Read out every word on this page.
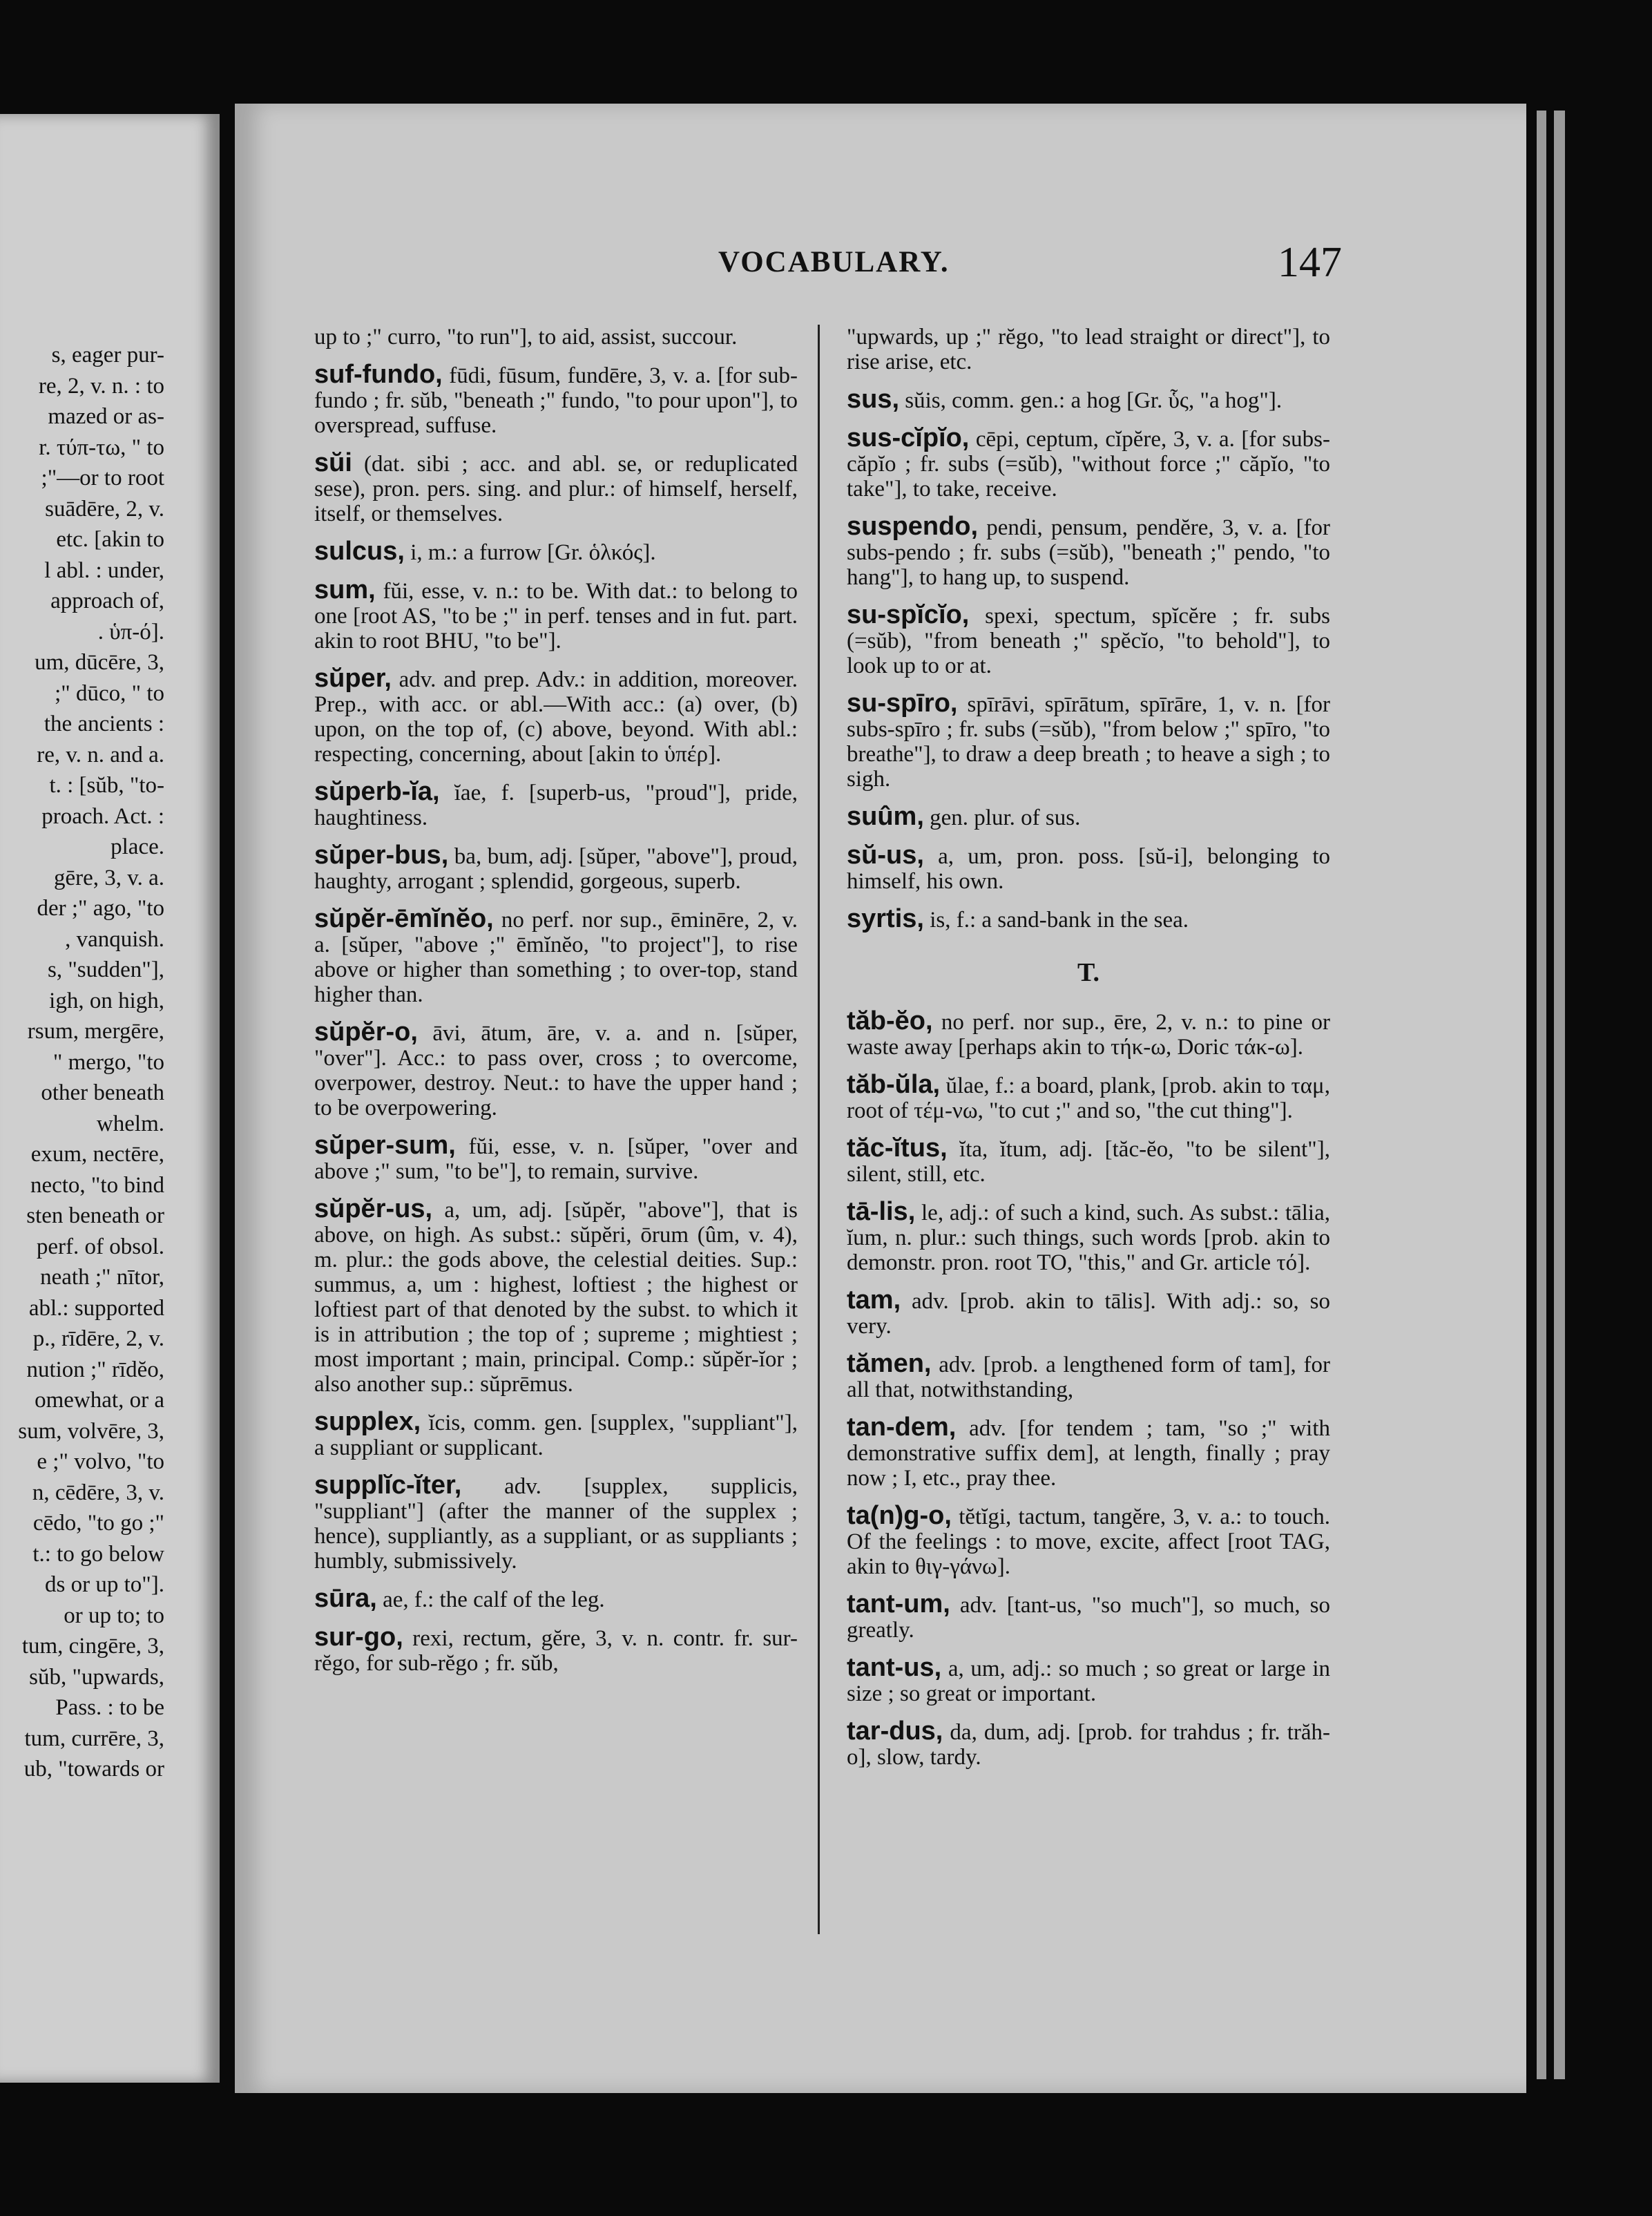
s, eager pur-
re, 2, v. n. : to
mazed or as-
r. τύπ-τω, " to
;"—or to root
suādēre, 2, v.
etc. [akin to
l abl. : under,
approach of,
. ὑπ-ό].
um, dūcēre, 3,
;" dūco, " to
the ancients :
re, v. n. and a.
t. : [sŭb, "to-
proach. Act. :
place.
gēre, 3, v. a.
der ;" ago, "to
, vanquish.
s, "sudden"],
igh, on high,
rsum, mergēre,
" mergo, "to
other beneath
whelm.
exum, nectēre,
necto, "to bind
sten beneath or
perf. of obsol.
neath ;" nītor,
abl.: supported
p., rīdēre, 2, v.
nution ;" rīdĕo,
omewhat, or a
sum, volvēre, 3,
e ;" volvo, "to
n, cēdēre, 3, v.
cēdo, "to go ;"
t.: to go below
ds or up to"].
or up to; to
tum, cingēre, 3,
sŭb, "upwards,
Pass. : to be
tum, currēre, 3,
ub, "towards or
VOCABULARY.	147
up to ;" curro, "to run"], to aid, assist, succour.
suf-fundo, fūdi, fūsum, fundēre, 3, v. a. [for sub-fundo ; fr. sŭb, "beneath ;" fundo, "to pour upon"], to overspread, suffuse.
sŭi (dat. sibi ; acc. and abl. se, or reduplicated sese), pron. pers. sing. and plur.: of himself, herself, itself, or themselves.
sulcus, i, m.: a furrow [Gr. ὁλκός].
sum, fŭi, esse, v. n.: to be. With dat.: to belong to one [root AS, "to be ;" in perf. tenses and in fut. part. akin to root BHU, "to be"].
sŭper, adv. and prep. Adv.: in addition, moreover. Prep., with acc. or abl.—With acc.: (a) over, (b) upon, on the top of, (c) above, beyond. With abl.: respecting, concerning, about [akin to ὑπέρ].
sŭperb-ĭa, ĭae, f. [superb-us, "proud"], pride, haughtiness.
sŭper-bus, ba, bum, adj. [sŭper, "above"], proud, haughty, arrogant ; splendid, gorgeous, superb.
sŭpĕr-ēmĭnĕo, no perf. nor sup., ēminēre, 2, v. a. [sŭper, "above ;" ēmĭnĕo, "to project"], to rise above or higher than something ; to over-top, stand higher than.
sŭpĕr-o, āvi, ātum, āre, v. a. and n. [sŭper, "over"]. Acc.: to pass over, cross ; to overcome, overpower, destroy. Neut.: to have the upper hand ; to be overpowering.
sŭper-sum, fŭi, esse, v. n. [sŭper, "over and above ;" sum, "to be"], to remain, survive.
sŭpĕr-us, a, um, adj. [sŭpĕr, "above"], that is above, on high. As subst.: sŭpĕri, ōrum (ûm, v. 4), m. plur.: the gods above, the celestial deities. Sup.: summus, a, um : highest, loftiest ; the highest or loftiest part of that denoted by the subst. to which it is in attribution ; the top of ; supreme ; mightiest ; most important ; main, principal. Comp.: sŭpĕr-ĭor ; also another sup.: sŭprēmus.
supplex, ĭcis, comm. gen. [supplex, "suppliant"], a suppliant or supplicant.
supplĭc-ĭter, adv. [supplex, supplicis, "suppliant"] (after the manner of the supplex ; hence), suppliantly, as a suppliant, or as suppliants ; humbly, submissively.
sūra, ae, f.: the calf of the leg.
sur-go, rexi, rectum, gĕre, 3, v. n. contr. fr. sur-rĕgo, for sub-rĕgo ; fr. sŭb,
"upwards, up ;" rĕgo, "to lead straight or direct"], to rise arise, etc.
sus, sŭis, comm. gen.: a hog [Gr. ὗς, "a hog"].
sus-cĭpĭo, cēpi, ceptum, cĭpĕre, 3, v. a. [for subs-căpĭo ; fr. subs (=sŭb), "without force ;" căpĭo, "to take"], to take, receive.
suspendo, pendi, pensum, pendĕre, 3, v. a. [for subs-pendo ; fr. subs (=sŭb), "beneath ;" pendo, "to hang"], to hang up, to suspend.
su-spĭcĭo, spexi, spectum, spĭcĕre ; fr. subs (=sŭb), "from beneath ;" spĕcĭo, "to behold"], to look up to or at.
su-spīro, spīrāvi, spīrātum, spīrāre, 1, v. n. [for subs-spīro ; fr. subs (=sŭb), "from below ;" spīro, "to breathe"], to draw a deep breath ; to heave a sigh ; to sigh.
suûm, gen. plur. of sus.
sŭ-us, a, um, pron. poss. [sŭ-i], belonging to himself, his own.
syrtis, is, f.: a sand-bank in the sea.
T.
tăb-ĕo, no perf. nor sup., ēre, 2, v. n.: to pine or waste away [perhaps akin to τήκ-ω, Doric τάκ-ω].
tăb-ŭla, ŭlae, f.: a board, plank, [prob. akin to ταμ, root of τέμ-νω, "to cut ;" and so, "the cut thing"].
tăc-ĭtus, ĭta, ĭtum, adj. [tăc-ĕo, "to be silent"], silent, still, etc.
tā-lis, le, adj.: of such a kind, such. As subst.: tālia, ĭum, n. plur.: such things, such words [prob. akin to demonstr. pron. root TO, "this," and Gr. article τό].
tam, adv. [prob. akin to tālis]. With adj.: so, so very.
tămen, adv. [prob. a lengthened form of tam], for all that, notwithstanding,
tan-dem, adv. [for tendem ; tam, "so ;" with demonstrative suffix dem], at length, finally ; pray now ; I, etc., pray thee.
ta(n)g-o, tĕtĭgi, tactum, tangĕre, 3, v. a.: to touch. Of the feelings : to move, excite, affect [root TAG, akin to θιγ-γάνω].
tant-um, adv. [tant-us, "so much"], so much, so greatly.
tant-us, a, um, adj.: so much ; so great or large in size ; so great or important.
tar-dus, da, dum, adj. [prob. for trahdus ; fr. trăh-o], slow, tardy.
